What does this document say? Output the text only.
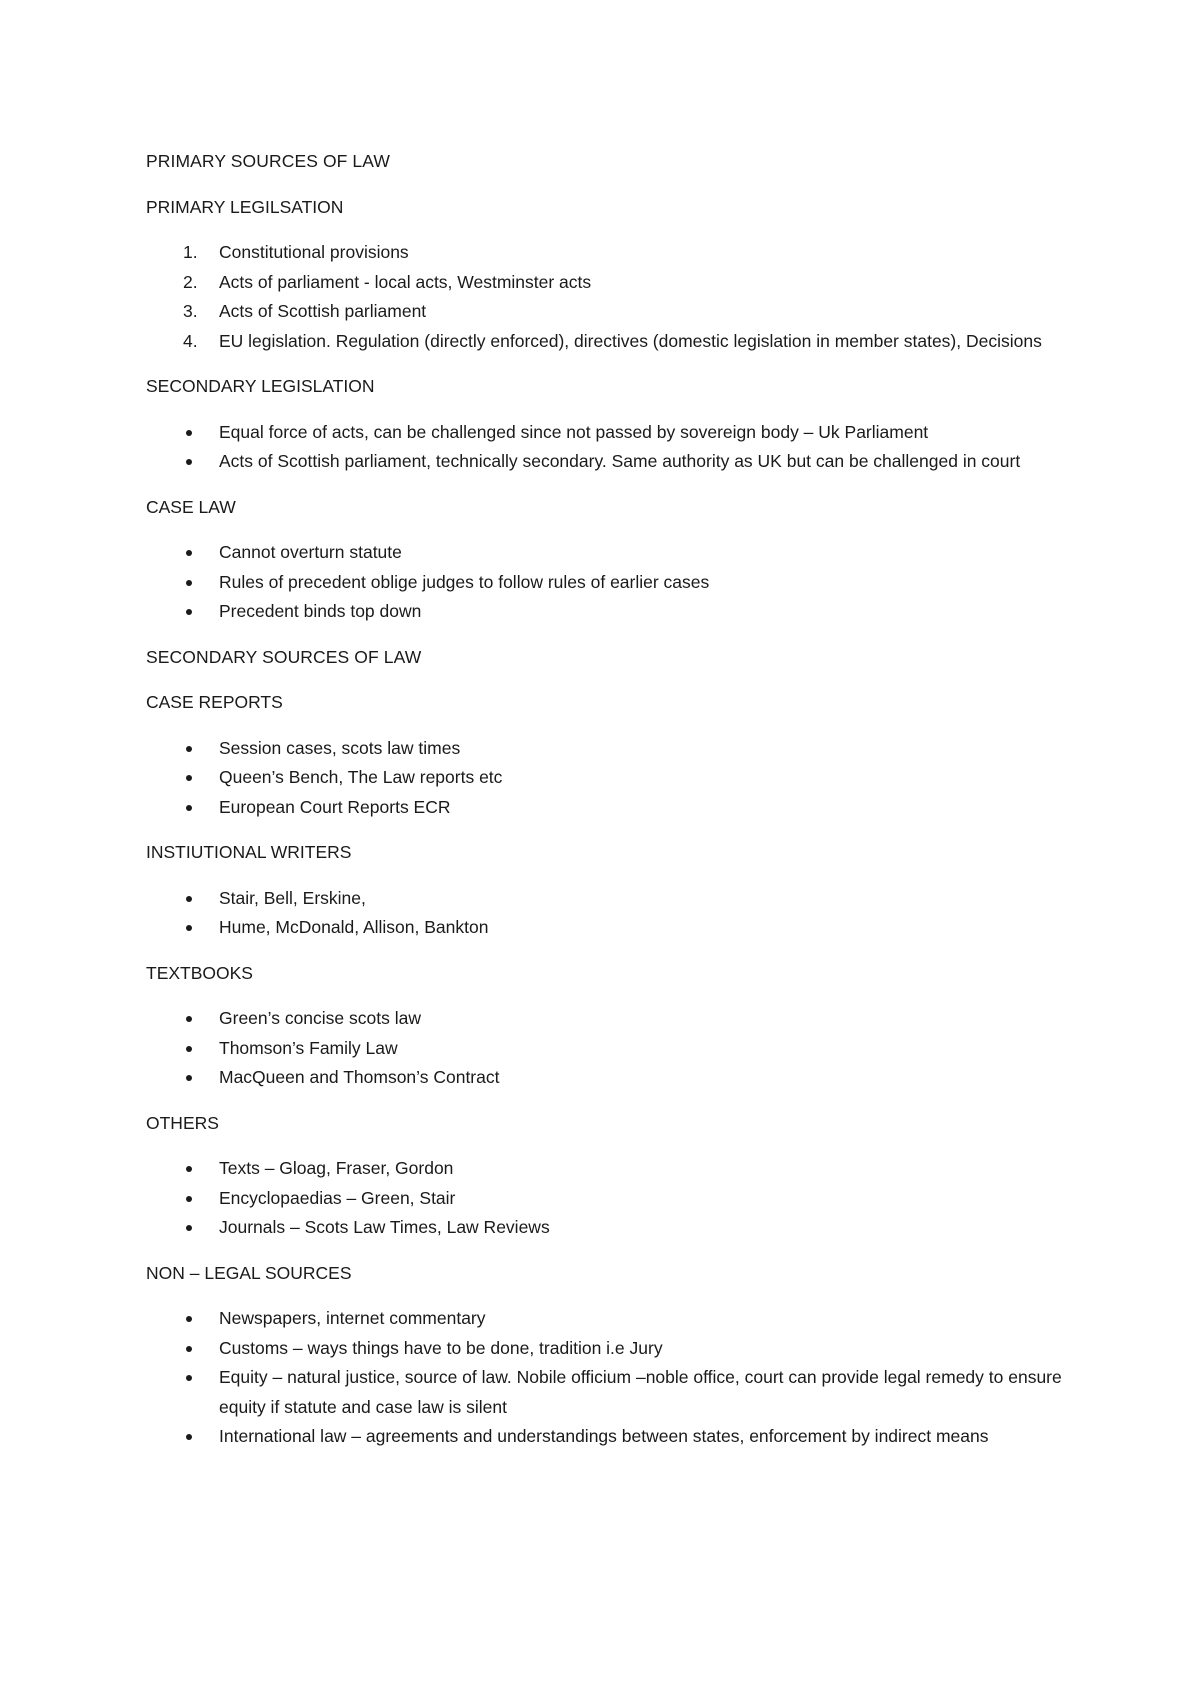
PRIMARY SOURCES OF LAW
PRIMARY LEGILSATION
1. Constitutional provisions
2. Acts of parliament - local acts, Westminster acts
3. Acts of Scottish parliament
4. EU legislation. Regulation (directly enforced), directives (domestic legislation in member states), Decisions
SECONDARY LEGISLATION
Equal force of acts, can be challenged since not passed by sovereign body – Uk Parliament
Acts of Scottish parliament, technically secondary. Same authority as UK but can be challenged in court
CASE LAW
Cannot overturn statute
Rules of precedent oblige judges to follow rules of earlier cases
Precedent binds top down
SECONDARY SOURCES OF LAW
CASE REPORTS
Session cases, scots law times
Queen’s Bench, The Law reports etc
European Court Reports ECR
INSTIUTIONAL WRITERS
Stair, Bell, Erskine,
Hume, McDonald, Allison, Bankton
TEXTBOOKS
Green’s concise scots law
Thomson’s Family Law
MacQueen and Thomson’s Contract
OTHERS
Texts – Gloag, Fraser, Gordon
Encyclopaedias – Green, Stair
Journals – Scots Law Times, Law Reviews
NON – LEGAL SOURCES
Newspapers, internet commentary
Customs – ways things have to be done, tradition i.e Jury
Equity – natural justice, source of law. Nobile officium –noble office, court can provide legal remedy to ensure equity if statute and case law is silent
International law – agreements and understandings between states, enforcement by indirect means
